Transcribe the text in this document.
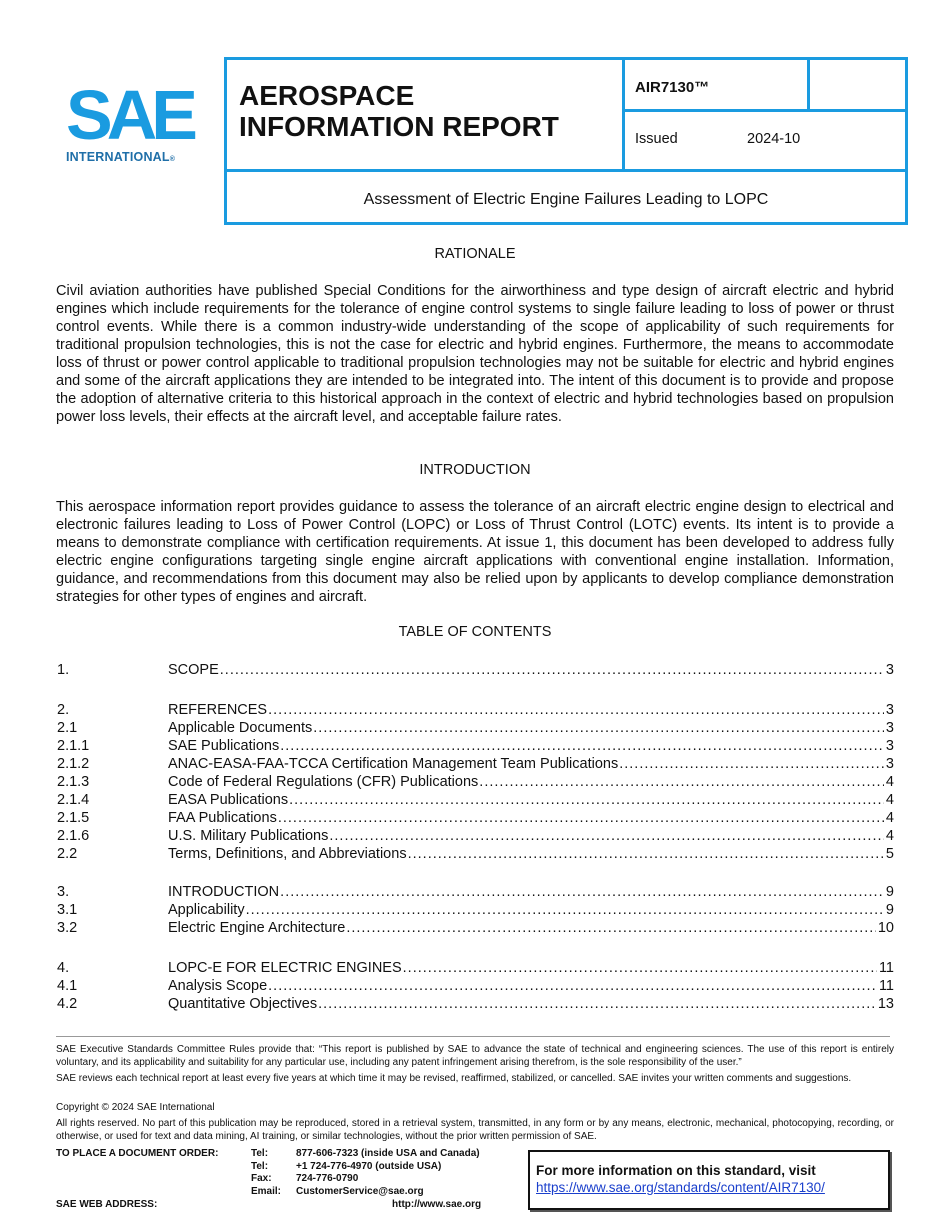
SAE
INTERNATIONAL®
AEROSPACE
INFORMATION REPORT
AIR7130™
Issued	2024-10
Assessment of Electric Engine Failures Leading to LOPC
RATIONALE
Civil aviation authorities have published Special Conditions for the airworthiness and type design of aircraft electric and hybrid engines which include requirements for the tolerance of engine control systems to single failure leading to loss of power or thrust control events. While there is a common industry-wide understanding of the scope of applicability of such requirements for traditional propulsion technologies, this is not the case for electric and hybrid engines. Furthermore, the means to accommodate loss of thrust or power control applicable to traditional propulsion technologies may not be suitable for electric and hybrid engines and some of the aircraft applications they are intended to be integrated into. The intent of this document is to provide and propose the adoption of alternative criteria to this historical approach in the context of electric and hybrid technologies based on propulsion power loss levels, their effects at the aircraft level, and acceptable failure rates.
INTRODUCTION
This aerospace information report provides guidance to assess the tolerance of an aircraft electric engine design to electrical and electronic failures leading to Loss of Power Control (LOPC) or Loss of Thrust Control (LOTC) events. Its intent is to provide a means to demonstrate compliance with certification requirements. At issue 1, this document has been developed to address fully electric engine configurations targeting single engine aircraft applications with conventional engine installation. Information, guidance, and recommendations from this document may also be relied upon by applicants to develop compliance demonstration strategies for other types of engines and aircraft.
TABLE OF CONTENTS
1.	SCOPE .....	3
2.	REFERENCES .....	3
2.1	Applicable Documents .....	3
2.1.1	SAE Publications .....	3
2.1.2	ANAC-EASA-FAA-TCCA Certification Management Team Publications .....	3
2.1.3	Code of Federal Regulations (CFR) Publications .....	4
2.1.4	EASA Publications .....	4
2.1.5	FAA Publications .....	4
2.1.6	U.S. Military Publications .....	4
2.2	Terms, Definitions, and Abbreviations .....	5
3.	INTRODUCTION .....	9
3.1	Applicability .....	9
3.2	Electric Engine Architecture .....	10
4.	LOPC-E FOR ELECTRIC ENGINES .....	11
4.1	Analysis Scope .....	11
4.2	Quantitative Objectives .....	13
SAE Executive Standards Committee Rules provide that: “This report is published by SAE to advance the state of technical and engineering sciences. The use of this report is entirely voluntary, and its applicability and suitability for any particular use, including any patent infringement arising therefrom, is the sole responsibility of the user.”
SAE reviews each technical report at least every five years at which time it may be revised, reaffirmed, stabilized, or cancelled. SAE invites your written comments and suggestions.
Copyright © 2024 SAE International
All rights reserved. No part of this publication may be reproduced, stored in a retrieval system, transmitted, in any form or by any means, electronic, mechanical, photocopying, recording, or otherwise, or used for text and data mining, AI training, or similar technologies, without the prior written permission of SAE.
TO PLACE A DOCUMENT ORDER:	Tel:	877-606-7323 (inside USA and Canada)
Tel:	+1 724-776-4970 (outside USA)
Fax: 724-776-0790
Email: CustomerService@sae.org
SAE WEB ADDRESS:	http://www.sae.org
For more information on this standard, visit
https://www.sae.org/standards/content/AIR7130/
